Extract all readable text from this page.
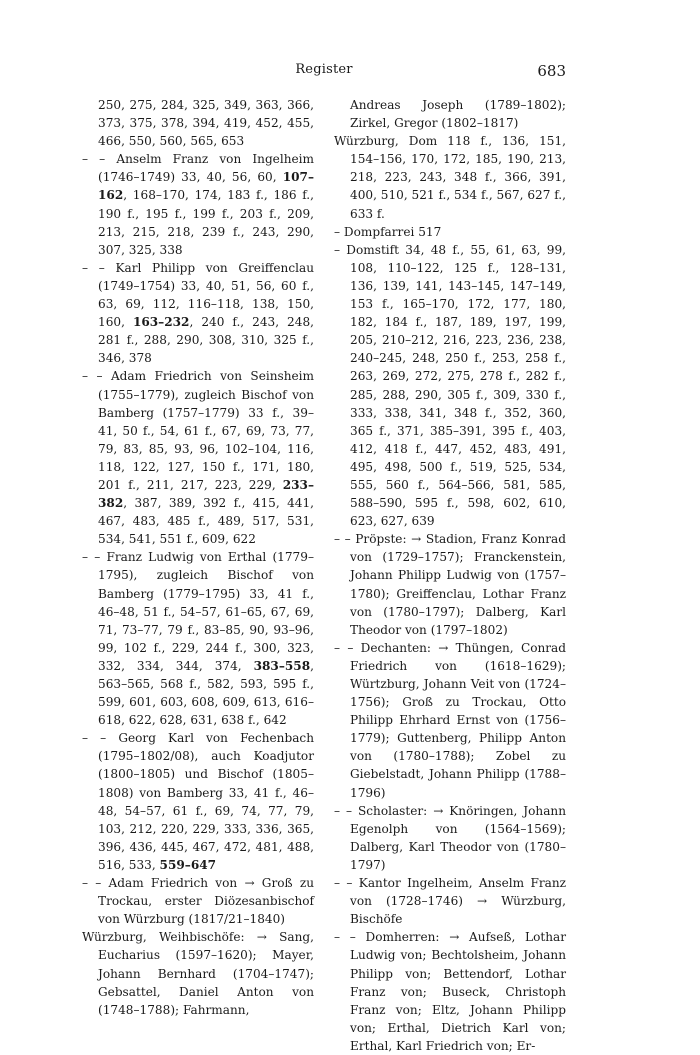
Register	683

250, 275, 284, 325, 349, 363, 366, 373, 375, 378, 394, 419, 452, 455, 466, 550, 560, 565, 653

– – Anselm Franz von Ingelheim (1746–1749) 33, 40, 56, 60, 107–162, 168–170, 174, 183 f., 186 f., 190 f., 195 f., 199 f., 203 f., 209, 213, 215, 218, 239 f., 243, 290, 307, 325, 338

– – Karl Philipp von Greiffenclau (1749–1754) 33, 40, 51, 56, 60 f., 63, 69, 112, 116–118, 138, 150, 160, 163–232, 240 f., 243, 248, 281 f., 288, 290, 308, 310, 325 f., 346, 378

– – Adam Friedrich von Seinsheim (1755–1779), zugleich Bischof von Bamberg (1757–1779) 33 f., 39–41, 50 f., 54, 61 f., 67, 69, 73, 77, 79, 83, 85, 93, 96, 102–104, 116, 118, 122, 127, 150 f., 171, 180, 201 f., 211, 217, 223, 229, 233–382, 387, 389, 392 f., 415, 441, 467, 483, 485 f., 489, 517, 531, 534, 541, 551 f., 609, 622

– – Franz Ludwig von Erthal (1779–1795), zugleich Bischof von Bamberg (1779–1795) 33, 41 f., 46–48, 51 f., 54–57, 61–65, 67, 69, 71, 73–77, 79 f., 83–85, 90, 93–96, 99, 102 f., 229, 244 f., 300, 323, 332, 334, 344, 374, 383–558, 563–565, 568 f., 582, 593, 595 f., 599, 601, 603, 608, 609, 613, 616–618, 622, 628, 631, 638 f., 642

– – Georg Karl von Fechenbach (1795–1802/08), auch Koadjutor (1800–1805) und Bischof (1805–1808) von Bamberg 33, 41 f., 46–48, 54–57, 61 f., 69, 74, 77, 79, 103, 212, 220, 229, 333, 336, 365, 396, 436, 445, 467, 472, 481, 488, 516, 533, 559–647

– – Adam Friedrich von → Groß zu Trockau, erster Diözesanbischof von Würzburg (1817/21–1840)

Würzburg, Weihbischöfe: → Sang, Eucharius (1597–1620); Mayer, Johann Bernhard (1704–1747); Gebsattel, Daniel Anton von (1748–1788); Fahrmann,

Andreas Joseph (1789–1802); Zirkel, Gregor (1802–1817)

Würzburg, Dom 118 f., 136, 151, 154–156, 170, 172, 185, 190, 213, 218, 223, 243, 348 f., 366, 391, 400, 510, 521 f., 534 f., 567, 627 f., 633 f.

– Dompfarrei 517

– Domstift 34, 48 f., 55, 61, 63, 99, 108, 110–122, 125 f., 128–131, 136, 139, 141, 143–145, 147–149, 153 f., 165–170, 172, 177, 180, 182, 184 f., 187, 189, 197, 199, 205, 210–212, 216, 223, 236, 238, 240–245, 248, 250 f., 253, 258 f., 263, 269, 272, 275, 278 f., 282 f., 285, 288, 290, 305 f., 309, 330 f., 333, 338, 341, 348 f., 352, 360, 365 f., 371, 385–391, 395 f., 403, 412, 418 f., 447, 452, 483, 491, 495, 498, 500 f., 519, 525, 534, 555, 560 f., 564–566, 581, 585, 588–590, 595 f., 598, 602, 610, 623, 627, 639

– – Pröpste: → Stadion, Franz Konrad von (1729–1757); Franckenstein, Johann Philipp Ludwig von (1757–1780); Greiffenclau, Lothar Franz von (1780–1797); Dalberg, Karl Theodor von (1797–1802)

– – Dechanten: → Thüngen, Conrad Friedrich von (1618–1629); Würtzburg, Johann Veit von (1724–1756); Groß zu Trockau, Otto Philipp Ehrhard Ernst von (1756–1779); Guttenberg, Philipp Anton von (1780–1788); Zobel zu Giebelstadt, Johann Philipp (1788–1796)

– – Scholaster: → Knöringen, Johann Egenolph von (1564–1569); Dalberg, Karl Theodor von (1780–1797)

– – Kantor Ingelheim, Anselm Franz von (1728–1746) → Würzburg, Bischöfe

– – Domherren: → Aufseß, Lothar Ludwig von; Bechtolsheim, Johann Philipp von; Bettendorf, Lothar Franz von; Buseck, Christoph Franz von; Eltz, Johann Philipp von; Erthal, Dietrich Karl von; Erthal, Karl Friedrich von; Er-
